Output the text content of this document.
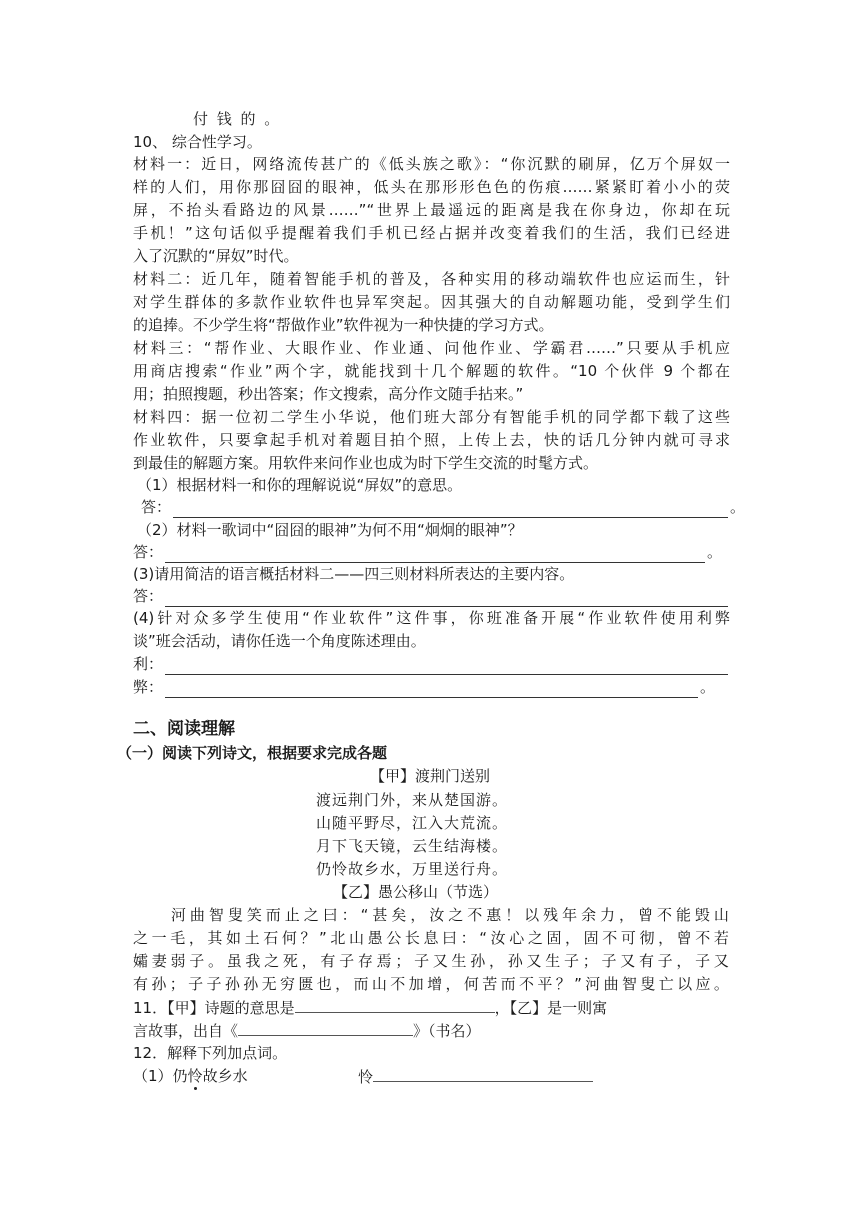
付 钱 的 。
10、 综合性学习。
材料一：近日，网络流传甚广的《低头族之歌》：“你沉默的刷屏，亿万个屏奴一
样的人们，用你那囧囧的眼神，低头在那形形色色的伤痕……紧紧盯着小小的荧
屏，不抬头看路边的风景……”“世界上最遥远的距离是我在你身边，你却在玩
手机！”这句话似乎提醒着我们手机已经占据并改变着我们的生活，我们已经进
入了沉默的“屏奴”时代。
材料二：近几年，随着智能手机的普及，各种实用的移动端软件也应运而生，针
对学生群体的多款作业软件也异军突起。因其强大的自动解题功能，受到学生们
的追捧。不少学生将“帮做作业”软件视为一种快捷的学习方式。
材料三：“帮作业、大眼作业、作业通、问他作业、学霸君……”只要从手机应
用商店搜索“作业”两个字，就能找到十几个解题的软件。“10 个伙伴 9 个都在
用；拍照搜题，秒出答案；作文搜索，高分作文随手拈来。”
材料四：据一位初二学生小华说，他们班大部分有智能手机的同学都下载了这些
作业软件，只要拿起手机对着题目拍个照，上传上去，快的话几分钟内就可寻求
到最佳的解题方案。用软件来问作业也成为时下学生交流的时髦方式。
（1）根据材料一和你的理解说说“屏奴”的意思。
答：	。
（2）材料一歌词中“囧囧的眼神”为何不用“炯炯的眼神”？
答：	。
(3)请用简洁的语言概括材料二——四三则材料所表达的主要内容。
答：
(4)针对众多学生使用“作业软件”这件事，你班准备开展“作业软件使用利弊
谈”班会活动，请你任选一个角度陈述理由。
利：
弊：	。
二、阅读理解
（一）阅读下列诗文，根据要求完成各题
【甲】渡荆门送别
渡远荆门外，来从楚国游。
山随平野尽，江入大荒流。
月下飞天镜，云生结海楼。
仍怜故乡水，万里送行舟。
【乙】愚公移山（节选）
　　河曲智叟笑而止之曰：“甚矣，汝之不惠！以残年余力，曾不能毁山
之一毛，其如土石何？”北山愚公长息曰：“汝心之固，固不可彻，曾不若
孀妻弱子。虽我之死，有子存焉；子又生孙，孙又生子；子又有子，子又
有孙；子子孙孙无穷匮也，而山不加增，何苦而不平？”河曲智叟亡以应。
11．【甲】诗题的意思是	，【乙】是一则寓
言故事，出自《	》（书名）
12．解释下列加点词。
（1）仍怜故乡水	怜
